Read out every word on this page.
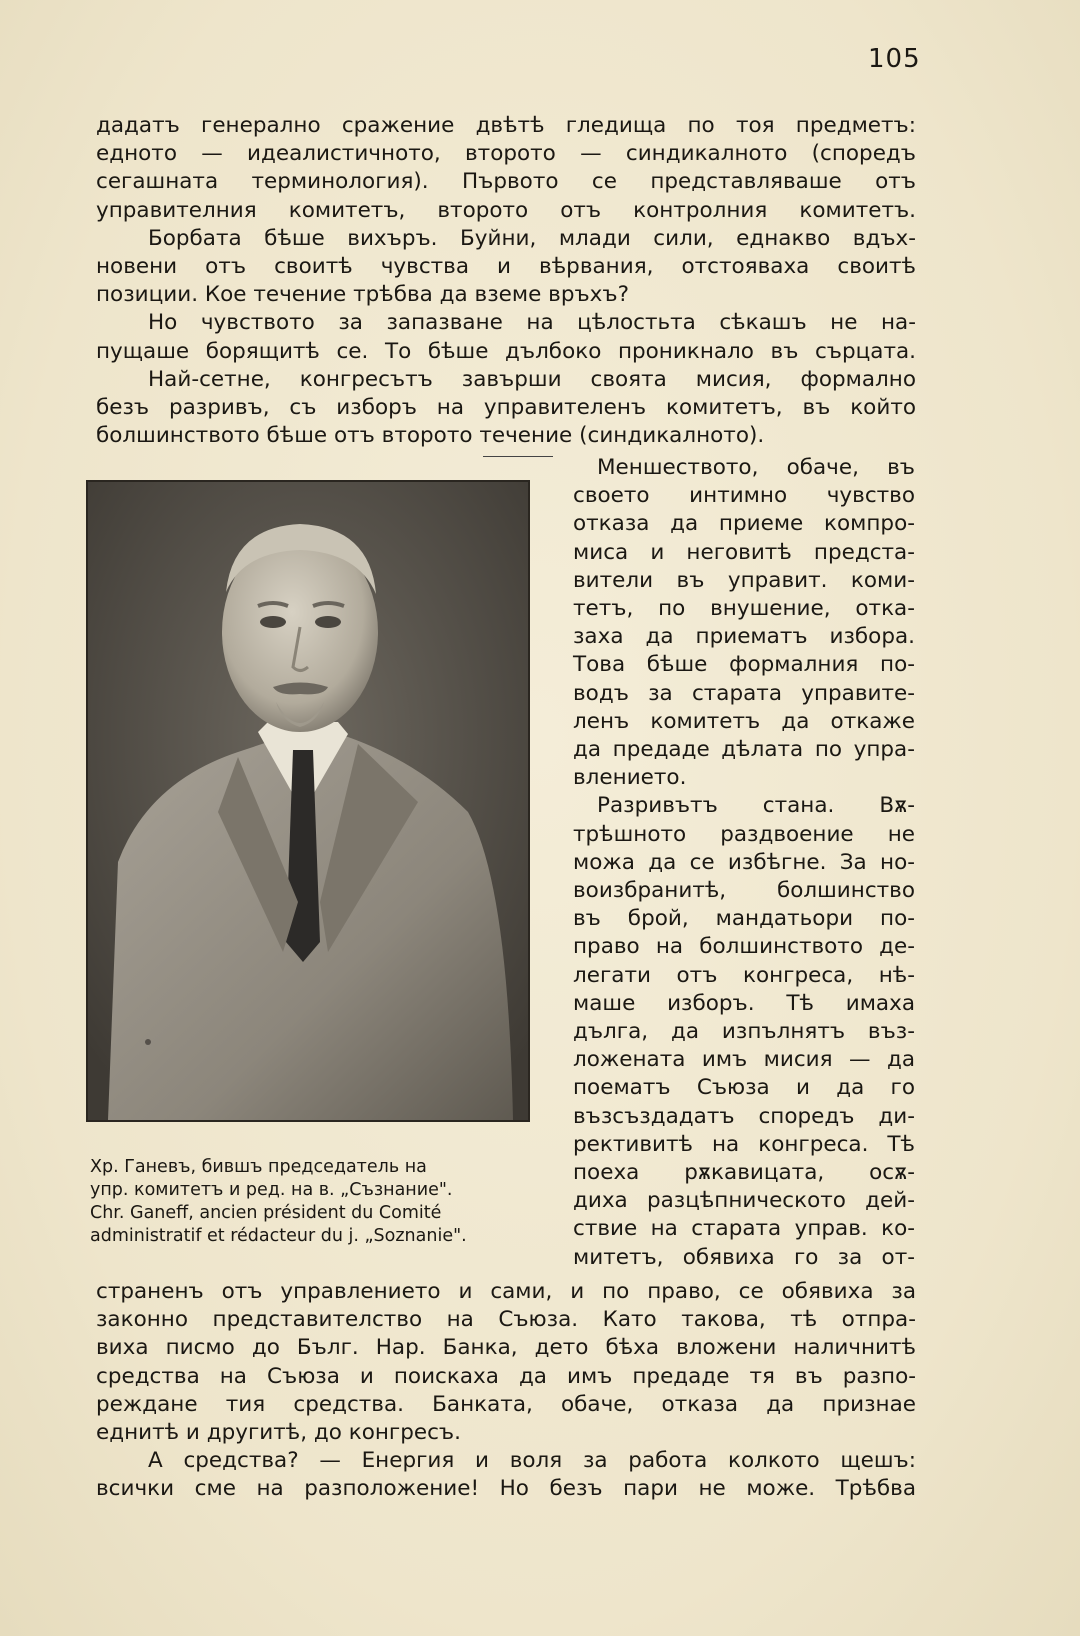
105

дадатъ генерално сражение двѣтѣ гледища по тоя предметъ:
едното — идеалистичното, второто — синдикалното (споредъ
сегашната терминология). Първото се представляваше отъ
управителния комитетъ, второто отъ контролния комитетъ.
Борбата бѣше вихъръ. Буйни, млади сили, еднакво вдъх-
новени отъ своитѣ чувства и вѣрвания, отстояваха своитѣ
позиции. Кое течение трѣбва да вземе връхъ?
Но чувството за запазване на цѣлостьта сѣкашъ не на-
пущаше борящитѣ се. То бѣше дълбоко проникнало въ сърцата.
Най-сетне, конгресътъ завърши своята мисия, формално
безъ разривъ, съ изборъ на управителенъ комитетъ, въ който
болшинството бѣше отъ второто течение (синдикалното).

Меншеството, обаче, въ
своето интимно чувство
отказа да приеме компро-
миса и неговитѣ предста-
вители въ управит. коми-
тетъ, по внушение, отка-
заха да приематъ избора.
Това бѣше формалния по-
водъ за старата управите-
ленъ комитетъ да откаже
да предаде дѣлата по упра-
влението.
Разривътъ стана. Вѫ-
трѣшното раздвоение не
можа да се избѣгне. За но-
воизбранитѣ, болшинство
въ брой, мандатьори по-
право на болшинството де-
легати отъ конгреса, нѣ-
маше изборъ. Тѣ имаха
дълга, да изпълнятъ въз-
ложената имъ мисия — да
поематъ Съюза и да го
възсъздадатъ споредъ ди-
рективитѣ на конгреса. Тѣ
поеха рѫкавицата, осѫ-
диха разцѣпническото дей-
ствие на старата управ. ко-
митетъ, обявиха го за от-

Хр. Ганевъ, бившъ председатель на
упр. комитетъ и ред. на в. „Съзнание".
Chr. Ganeff, ancien président du Comité
administratif et rédacteur du j. „Soznanie".

страненъ отъ управлението и сами, и по право, се обявиха за
законно представителство на Съюза. Като такова, тѣ отпра-
виха писмо до Бълг. Нар. Банка, дето бѣха вложени наличнитѣ
средства на Съюза и поискаха да имъ предаде тя въ разпо-
реждане тия средства. Банката, обаче, отказа да признае
еднитѣ и другитѣ, до конгресъ.
А средства? — Енергия и воля за работа колкото щешъ:
всички сме на разположение! Но безъ пари не може. Трѣбва
